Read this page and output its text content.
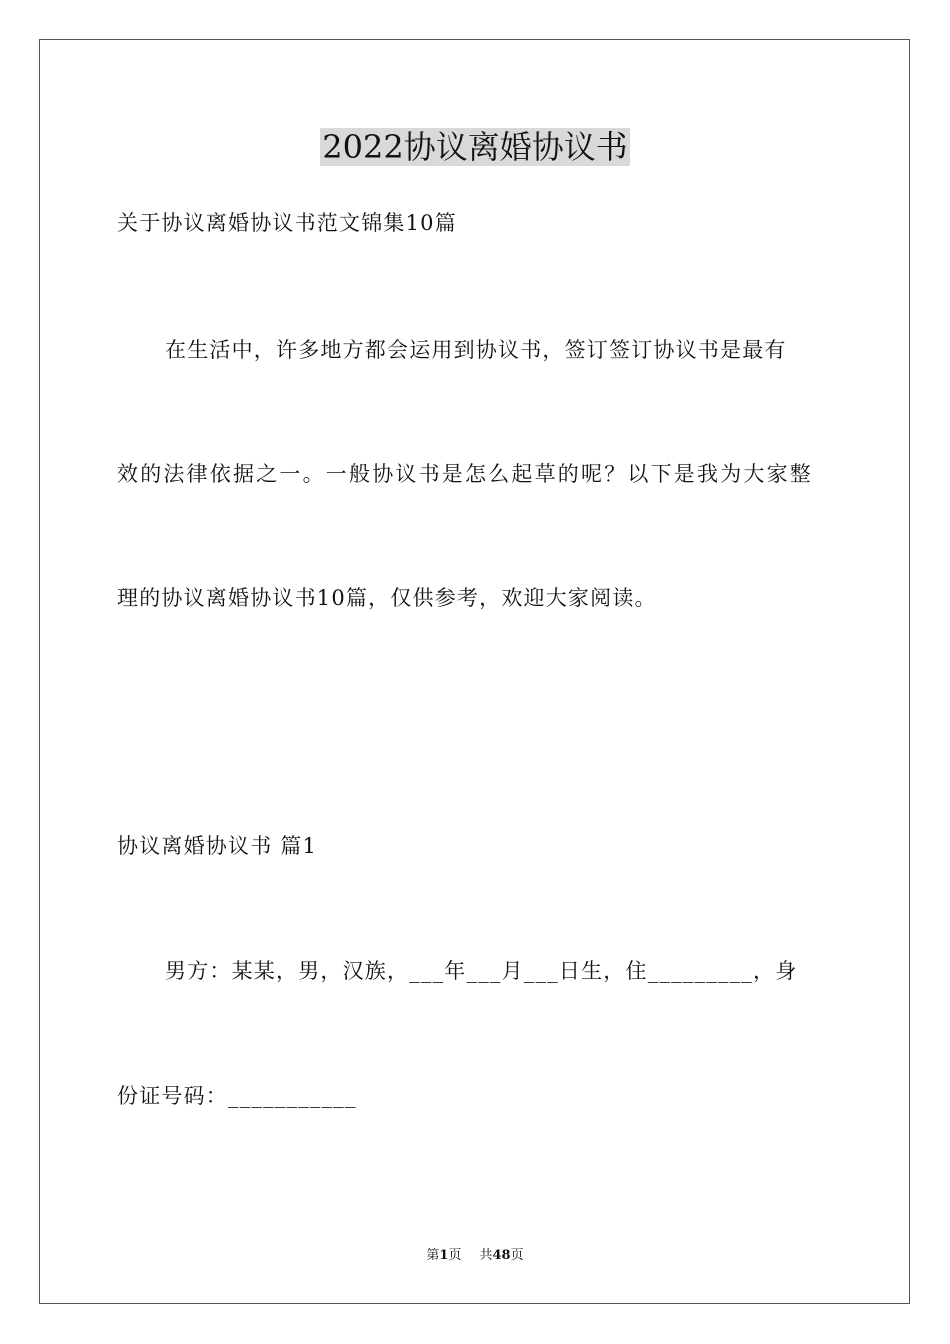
2022协议离婚协议书
关于协议离婚协议书范文锦集10篇
在生活中，许多地方都会运用到协议书，签订签订协议书是最有
效的法律依据之一。一般协议书是怎么起草的呢？以下是我为大家整
理的协议离婚协议书10篇，仅供参考，欢迎大家阅读。
协议离婚协议书 篇1
男方：某某，男，汉族，___年___月___日生，住_________，身
份证号码：___________
第1页 共48页
